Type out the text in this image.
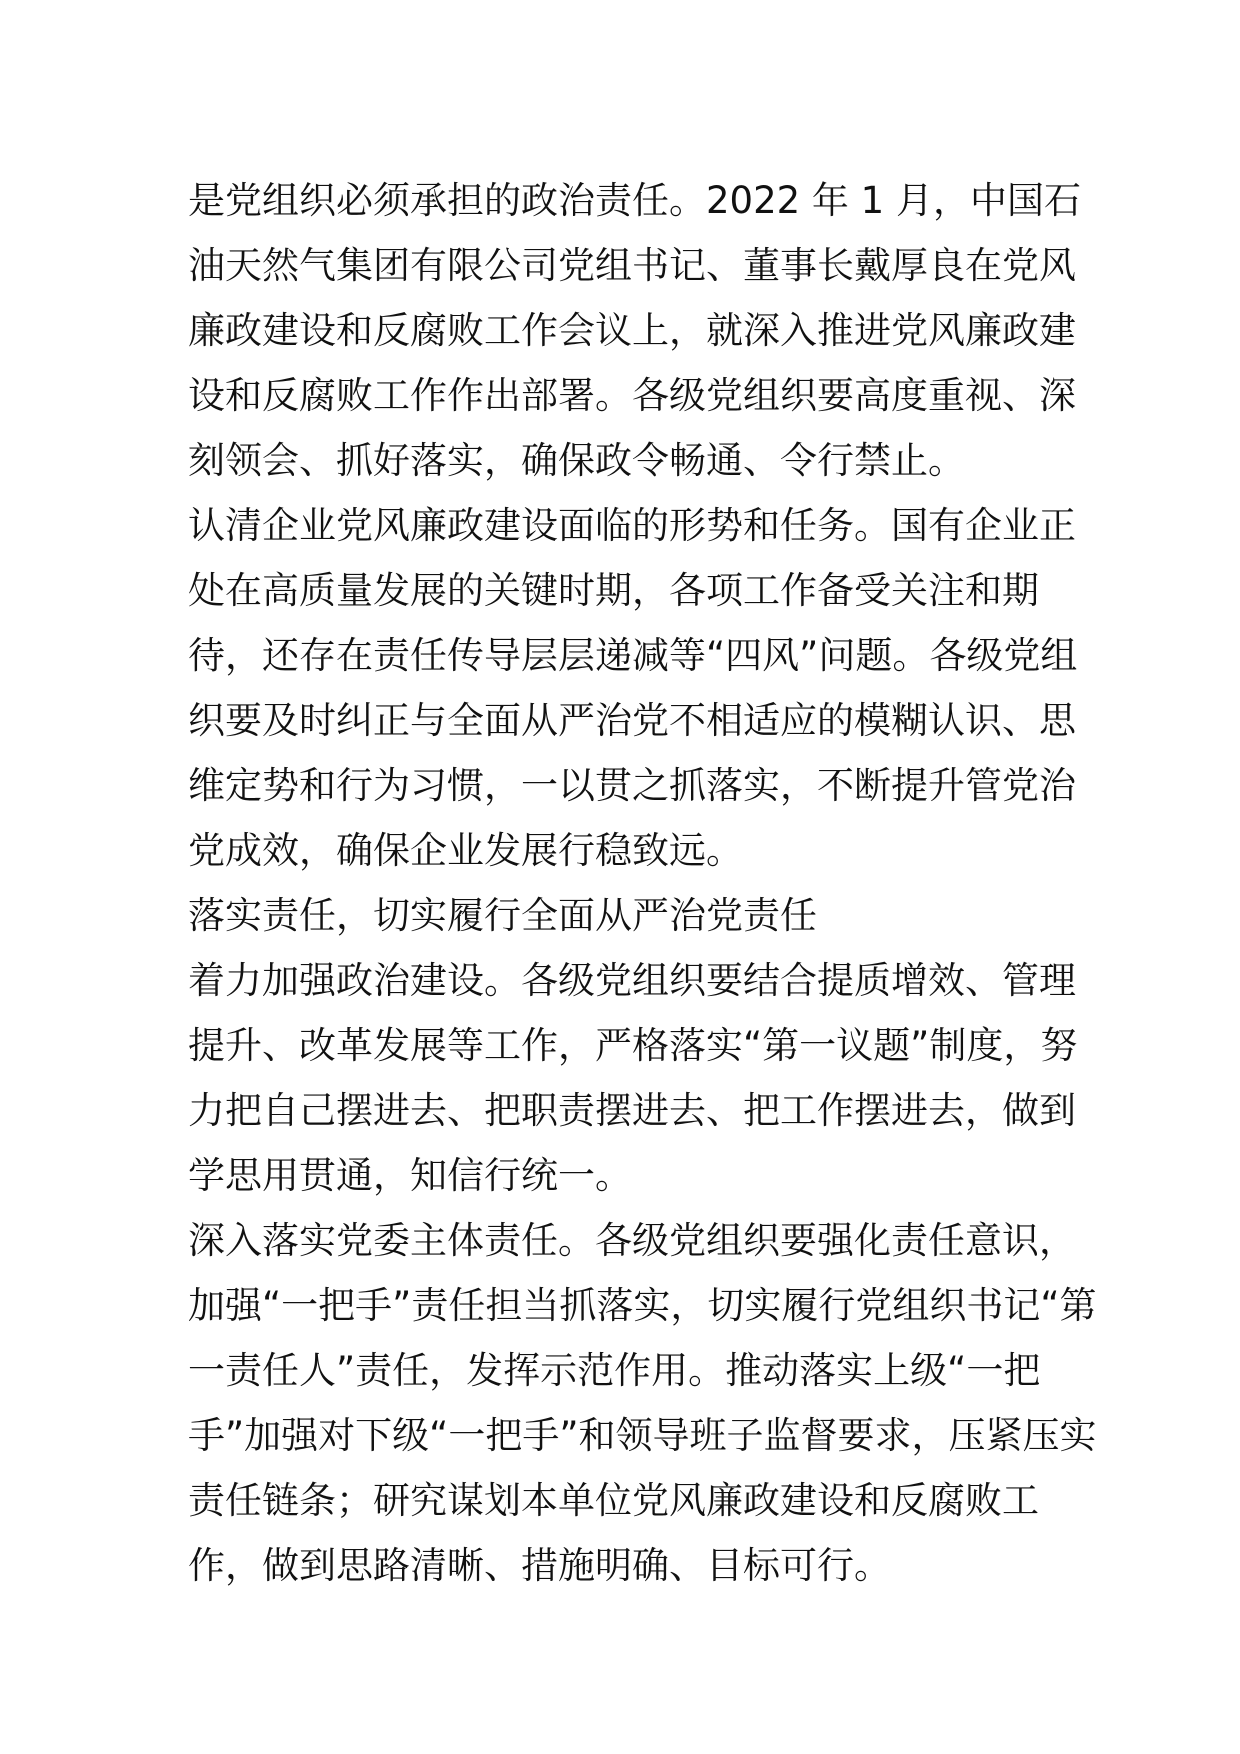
是党组织必须承担的政治责任。2022 年 1 月，中国石油天然气集团有限公司党组书记、董事长戴厚良在党风廉政建设和反腐败工作会议上，就深入推进党风廉政建设和反腐败工作作出部署。各级党组织要高度重视、深刻领会、抓好落实，确保政令畅通、令行禁止。

认清企业党风廉政建设面临的形势和任务。国有企业正处在高质量发展的关键时期，各项工作备受关注和期待，还存在责任传导层层递减等“四风”问题。各级党组织要及时纠正与全面从严治党不相适应的模糊认识、思维定势和行为习惯，一以贯之抓落实，不断提升管党治党成效，确保企业发展行稳致远。

落实责任，切实履行全面从严治党责任

着力加强政治建设。各级党组织要结合提质增效、管理提升、改革发展等工作，严格落实“第一议题”制度，努力把自己摆进去、把职责摆进去、把工作摆进去，做到学思用贯通，知信行统一。

深入落实党委主体责任。各级党组织要强化责任意识，加强“一把手”责任担当抓落实，切实履行党组织书记“第一责任人”责任，发挥示范作用。推动落实上级“一把手”加强对下级“一把手”和领导班子监督要求，压紧压实责任链条；研究谋划本单位党风廉政建设和反腐败工作，做到思路清晰、措施明确、目标可行。
